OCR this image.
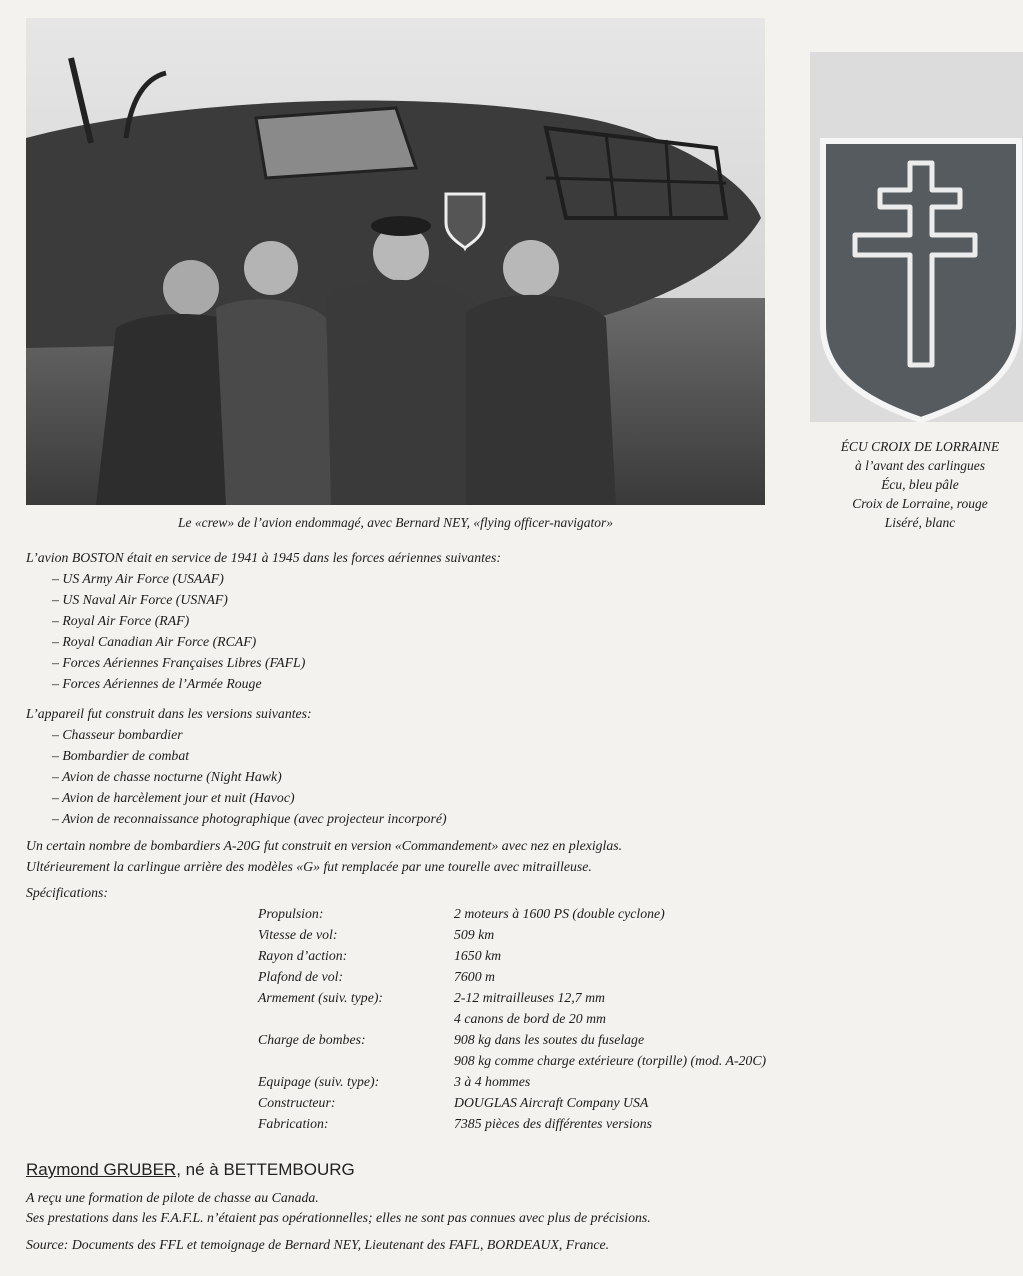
Le «crew» de l’avion endommagé, avec Bernard NEY, «flying officer-navigator»
ÉCU CROIX DE LORRAINE
à l’avant des carlingues
Écu, bleu pâle
Croix de Lorraine, rouge
Liséré, blanc

L’avion BOSTON était en service de 1941 à 1945 dans les forces aériennes suivantes:

– US Army Air Force (USAAF)
– US Naval Air Force (USNAF)
– Royal Air Force (RAF)
– Royal Canadian Air Force (RCAF)
– Forces Aériennes Françaises Libres (FAFL)
– Forces Aériennes de l’Armée Rouge

L’appareil fut construit dans les versions suivantes:

– Chasseur bombardier
– Bombardier de combat
– Avion de chasse nocturne (Night Hawk)
– Avion de harcèlement jour et nuit (Havoc)
– Avion de reconnaissance photographique (avec projecteur incorporé)

Un certain nombre de bombardiers A-20G fut construit en version «Commandement» avec nez en plexiglas.

Ultérieurement la carlingue arrière des modèles «G» fut remplacée par une tourelle avec mitrailleuse.

Spécifications:
Propulsion:	2 moteurs à 1600 PS (double cyclone)
Vitesse de vol:	509 km
Rayon d’action:	1650 km
Plafond de vol:	7600 m
Armement (suiv. type):	2-12 mitrailleuses 12,7 mm
4 canons de bord de 20 mm
Charge de bombes:	908 kg dans les soutes du fuselage
908 kg comme charge extérieure (torpille) (mod. A-20C)
Equipage (suiv. type):	3 à 4 hommes
Constructeur:	DOUGLAS Aircraft Company USA
Fabrication:	7385 pièces des différentes versions
Raymond GRUBER, né à BETTEMBOURG

A reçu une formation de pilote de chasse au Canada.

Ses prestations dans les F.A.F.L. n’étaient pas opérationnelles; elles ne sont pas connues avec plus de précisions.

Source: Documents des FFL et temoignage de Bernard NEY, Lieutenant des FAFL, BORDEAUX, France.
